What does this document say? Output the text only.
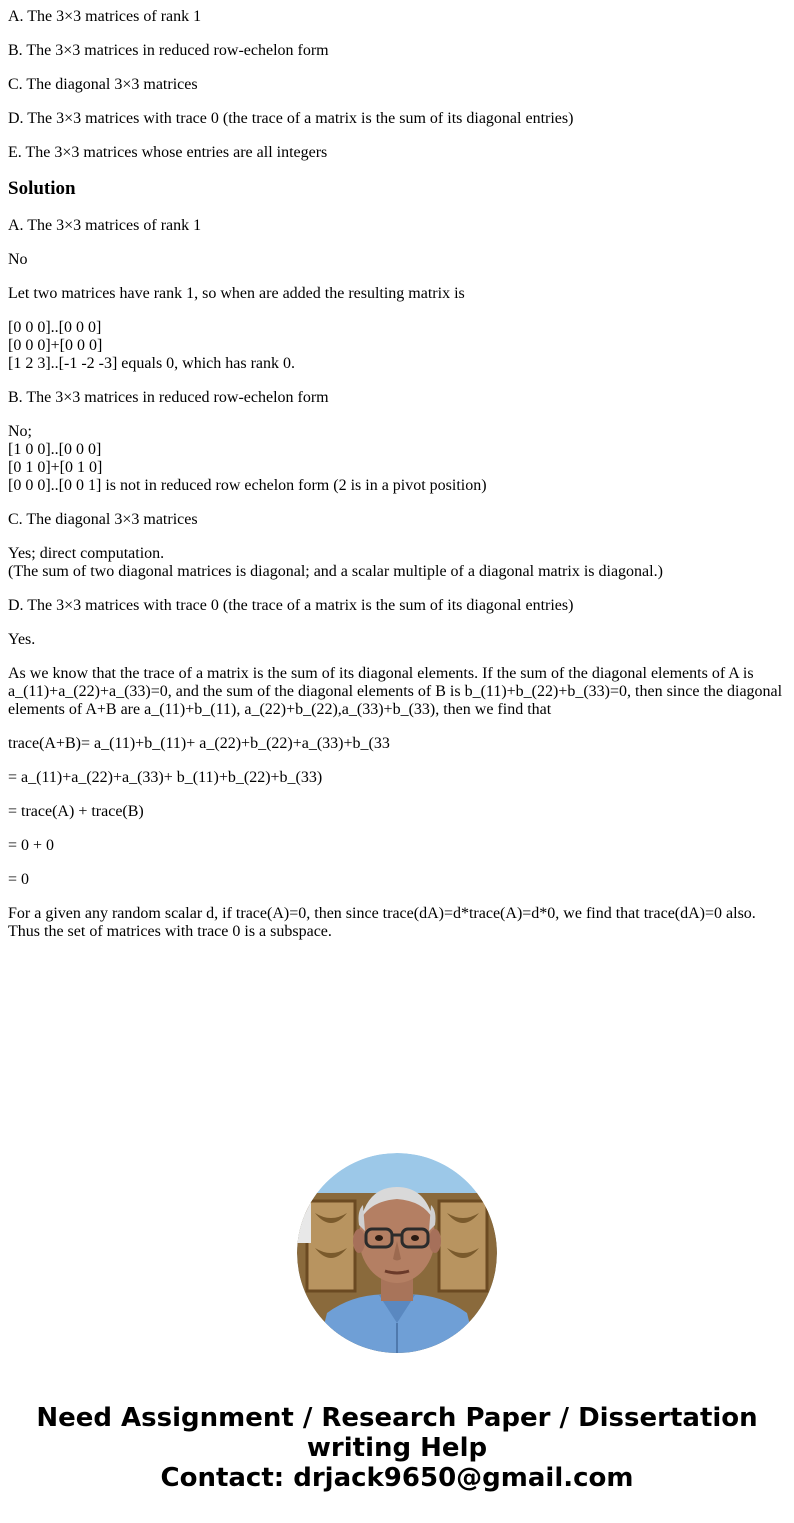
A. The 3×3 matrices of rank 1

B. The 3×3 matrices in reduced row-echelon form

C. The diagonal 3×3 matrices

D. The 3×3 matrices with trace 0 (the trace of a matrix is the sum of its diagonal entries)

E. The 3×3 matrices whose entries are all integers

Solution

A. The 3×3 matrices of rank 1

No

Let two matrices have rank 1, so when are added the resulting matrix is

[0 0 0]..[0 0 0]
[0 0 0]+[0 0 0]
[1 2 3]..[-1 -2 -3] equals 0, which has rank 0.

B. The 3×3 matrices in reduced row-echelon form

No;
[1 0 0]..[0 0 0]
[0 1 0]+[0 1 0]
[0 0 0]..[0 0 1] is not in reduced row echelon form (2 is in a pivot position)

C. The diagonal 3×3 matrices

Yes; direct computation.
(The sum of two diagonal matrices is diagonal; and a scalar multiple of a diagonal matrix is diagonal.)

D. The 3×3 matrices with trace 0 (the trace of a matrix is the sum of its diagonal entries)

Yes.

As we know that the trace of a matrix is the sum of its diagonal elements. If the sum of the diagonal elements of A is a_(11)+a_(22)+a_(33)=0, and the sum of the diagonal elements of B is b_(11)+b_(22)+b_(33)=0, then since the diagonal elements of A+B are a_(11)+b_(11), a_(22)+b_(22),a_(33)+b_(33), then we find that

trace(A+B)= a_(11)+b_(11)+ a_(22)+b_(22)+a_(33)+b_(33

= a_(11)+a_(22)+a_(33)+ b_(11)+b_(22)+b_(33)

= trace(A) + trace(B)

= 0 + 0

= 0

For a given any random scalar d, if trace(A)=0, then since trace(dA)=d*trace(A)=d*0, we find that trace(dA)=0 also. Thus the set of matrices with trace 0 is a subspace.

Need Assignment / Research Paper / Dissertation
writing Help
Contact: drjack9650@gmail.com
